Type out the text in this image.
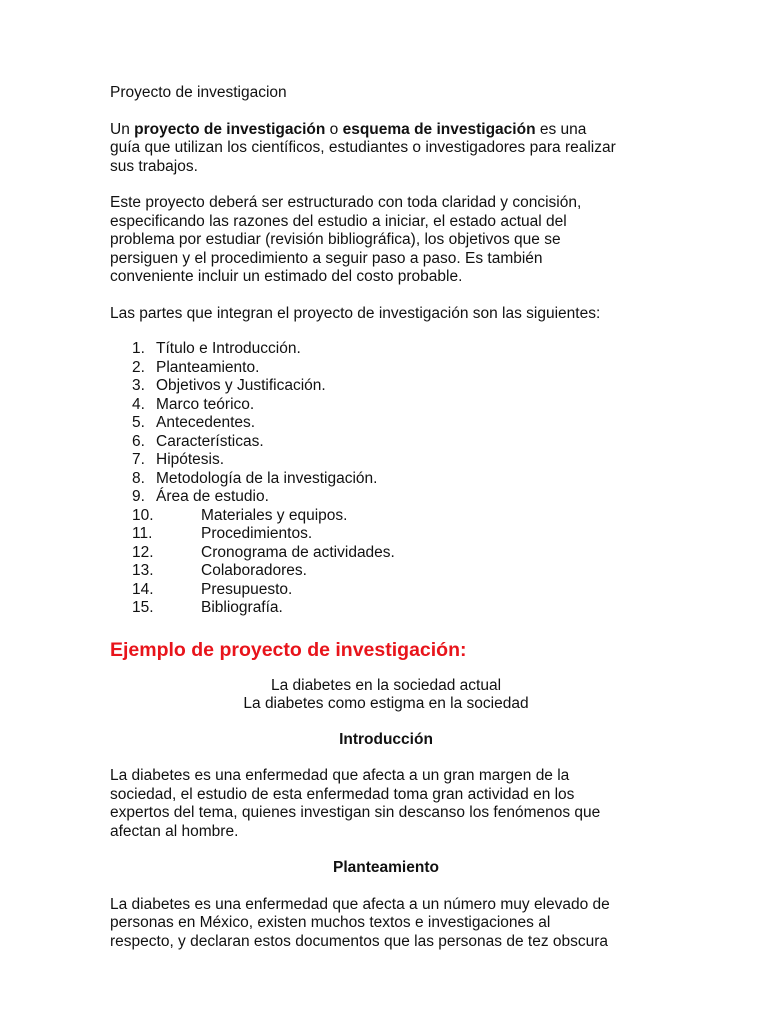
Proyecto de investigacion

Un proyecto de investigación o esquema de investigación es una
guía que utilizan los científicos, estudiantes o investigadores para realizar
sus trabajos.

Este proyecto deberá ser estructurado con toda claridad y concisión,
especificando las razones del estudio a iniciar, el estado actual del
problema por estudiar (revisión bibliográfica), los objetivos que se
persiguen y el procedimiento a seguir paso a paso. Es también
conveniente incluir un estimado del costo probable.

Las partes que integran el proyecto de investigación son las siguientes:

1. Título e Introducción.
2. Planteamiento.
3. Objetivos y Justificación.
4. Marco teórico.
5. Antecedentes.
6. Características.
7. Hipótesis.
8. Metodología de la investigación.
9. Área de estudio.
10.	Materiales y equipos.
11.	Procedimientos.
12.	Cronograma de actividades.
13.	Colaboradores.
14.	Presupuesto.
15.	Bibliografía.

Ejemplo de proyecto de investigación:

La diabetes en la sociedad actual
La diabetes como estigma en la sociedad

Introducción

La diabetes es una enfermedad que afecta a un gran margen de la
sociedad, el estudio de esta enfermedad toma gran actividad en los
expertos del tema, quienes investigan sin descanso los fenómenos que
afectan al hombre.

Planteamiento

La diabetes es una enfermedad que afecta a un número muy elevado de
personas en México, existen muchos textos e investigaciones al
respecto, y declaran estos documentos que las personas de tez obscura
